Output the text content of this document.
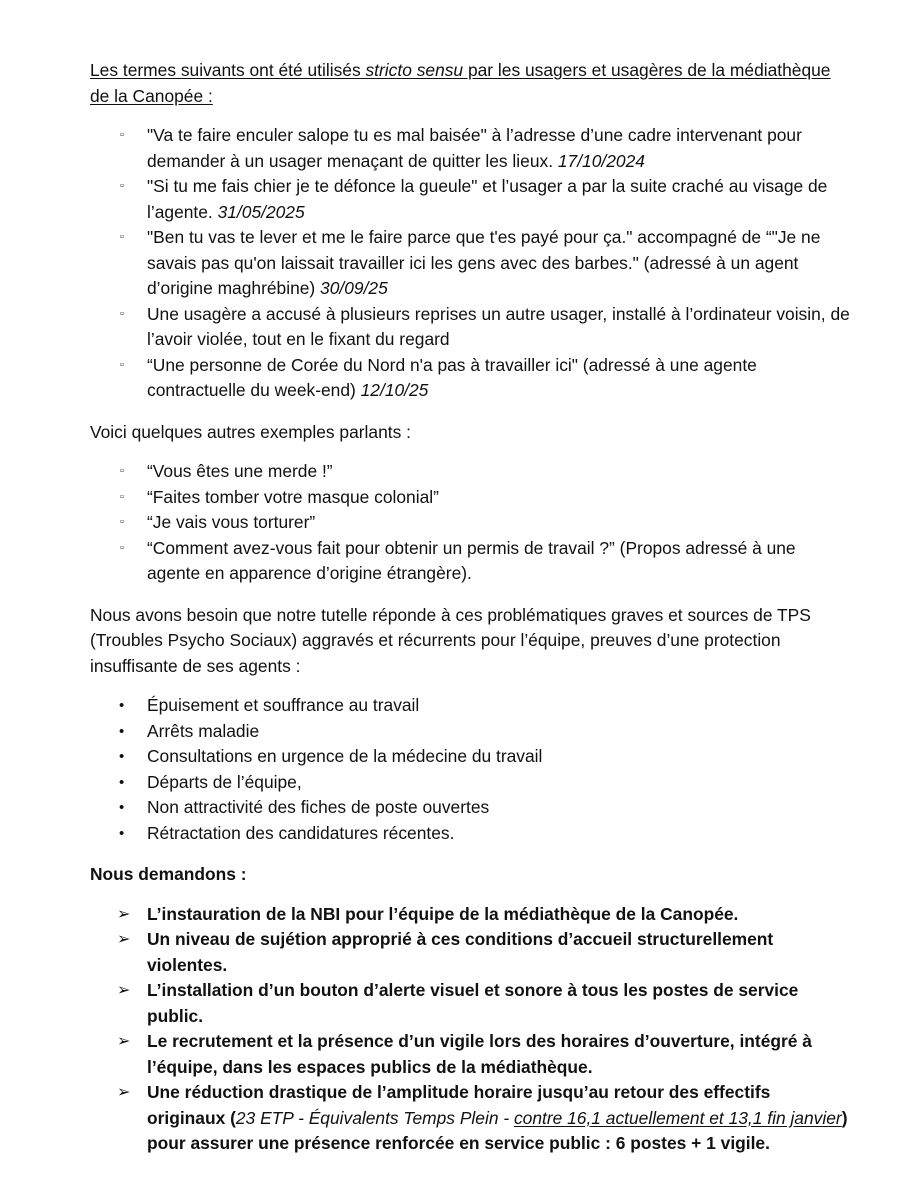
Les termes suivants ont été utilisés stricto sensu par les usagers et usagères de la médiathèque de la Canopée :

▫ "Va te faire enculer salope tu es mal baisée" à l’adresse d’une cadre intervenant pour demander à un usager menaçant de quitter les lieux. 17/10/2024
▫ "Si tu me fais chier je te défonce la gueule" et l’usager a par la suite craché au visage de l’agente. 31/05/2025
▫ "Ben tu vas te lever et me le faire parce que t'es payé pour ça." accompagné de “"Je ne savais pas qu'on laissait travailler ici les gens avec des barbes." (adressé à un agent d’origine maghrébine) 30/09/25
▫ Une usagère a accusé à plusieurs reprises un autre usager, installé à l’ordinateur voisin, de l’avoir violée, tout en le fixant du regard
▫ “Une personne de Corée du Nord n'a pas à travailler ici" (adressé à une agente contractuelle du week-end) 12/10/25

Voici quelques autres exemples parlants :

▫ “Vous êtes une merde !”
▫ “Faites tomber votre masque colonial”
▫ “Je vais vous torturer”
▫ “Comment avez-vous fait pour obtenir un permis de travail ?” (Propos adressé à une agente en apparence d’origine étrangère).

Nous avons besoin que notre tutelle réponde à ces problématiques graves et sources de TPS (Troubles Psycho Sociaux) aggravés et récurrents pour l’équipe, preuves d’une protection insuffisante de ses agents :

• Épuisement et souffrance au travail
• Arrêts maladie
• Consultations en urgence de la médecine du travail
• Départs de l’équipe,
• Non attractivité des fiches de poste ouvertes
• Rétractation des candidatures récentes.

Nous demandons :

➢ L’instauration de la NBI pour l’équipe de la médiathèque de la Canopée.
➢ Un niveau de sujétion approprié à ces conditions d’accueil structurellement violentes.
➢ L’installation d’un bouton d’alerte visuel et sonore à tous les postes de service public.
➢ Le recrutement et la présence d’un vigile lors des horaires d’ouverture, intégré à l’équipe, dans les espaces publics de la médiathèque.
➢ Une réduction drastique de l’amplitude horaire jusqu’au retour des effectifs originaux (23 ETP - Équivalents Temps Plein - contre 16,1 actuellement et 13,1 fin janvier) pour assurer une présence renforcée en service public : 6 postes + 1 vigile.
